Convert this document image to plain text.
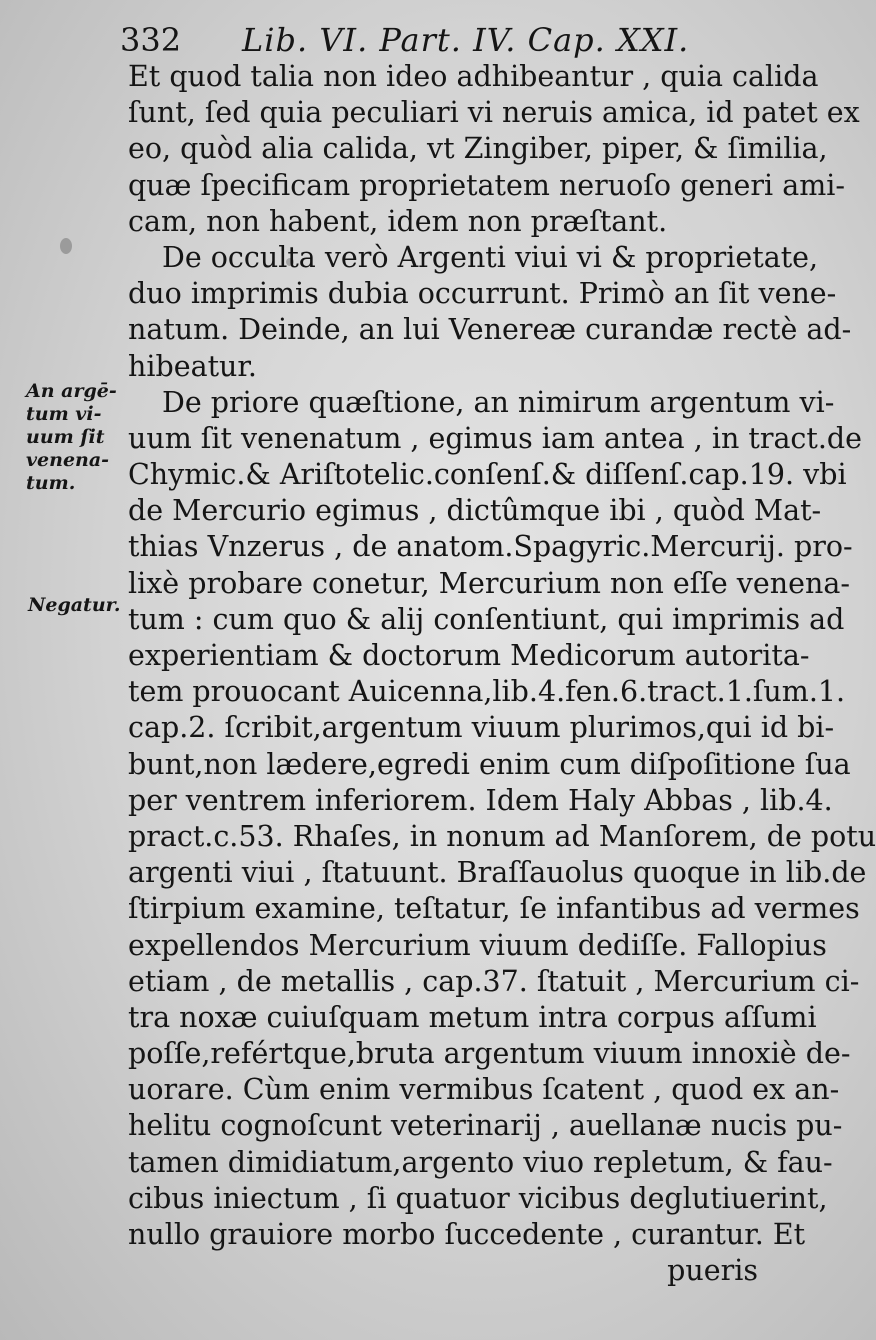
332 Lib. VI. Part. IV. Cap. XXI.
Et quod talia non ideo adhibeantur , quia calida
ſunt, ſed quia peculiari vi neruis amica, id patet ex
eo, quòd alia calida, vt Zingiber, piper, & ſimilia,
quæ ſpecificam proprietatem neruoſo generi ami-
cam, non habent, idem non præſtant.
De occulta verò Argenti viui vi & proprietate,
duo imprimis dubia occurrunt. Primò an ſit vene-
natum. Deinde, an lui Venereæ curandæ rectè ad-
hibeatur.
De priore quæſtione, an nimirum argentum vi-
uum ſit venenatum , egimus iam antea , in tract.de
Chymic.& Ariſtotelic.conſenſ.& diſſenſ.cap.19. vbi
de Mercurio egimus , dictûmque ibi , quòd Mat-
thias Vnzerus , de anatom.Spagyric.Mercurij. pro-
lixè probare conetur, Mercurium non eſſe venena-
tum : cum quo & alij conſentiunt, qui imprimis ad
experientiam & doctorum Medicorum autorita-
tem prouocant Auicenna,lib.4.fen.6.tract.1.ſum.1.
cap.2. ſcribit,argentum viuum plurimos,qui id bi-
bunt,non lædere,egredi enim cum diſpoſitione ſua
per ventrem inferiorem. Idem Haly Abbas , lib.4.
pract.c.53. Rhaſes, in nonum ad Manſorem, de potu
argenti viui , ſtatuunt. Braſſauolus quoque in lib.de
ſtirpium examine, teſtatur, ſe infantibus ad vermes
expellendos Mercurium viuum dediſſe. Fallopius
etiam , de metallis , cap.37. ſtatuit , Mercurium ci-
tra noxæ cuiuſquam metum intra corpus aſſumi
poſſe,refértque,bruta argentum viuum innoxiè de-
uorare. Cùm enim vermibus ſcatent , quod ex an-
helitu cognoſcunt veterinarij , auellanæ nucis pu-
tamen dimidiatum,argento viuo repletum, & fau-
cibus iniectum , ſi quatuor vicibus deglutiuerint,
nullo grauiore morbo ſuccedente , curantur. Et
pueris
An argē-
tum vi-
uum ſit
venena-
tum.
Negatur.
